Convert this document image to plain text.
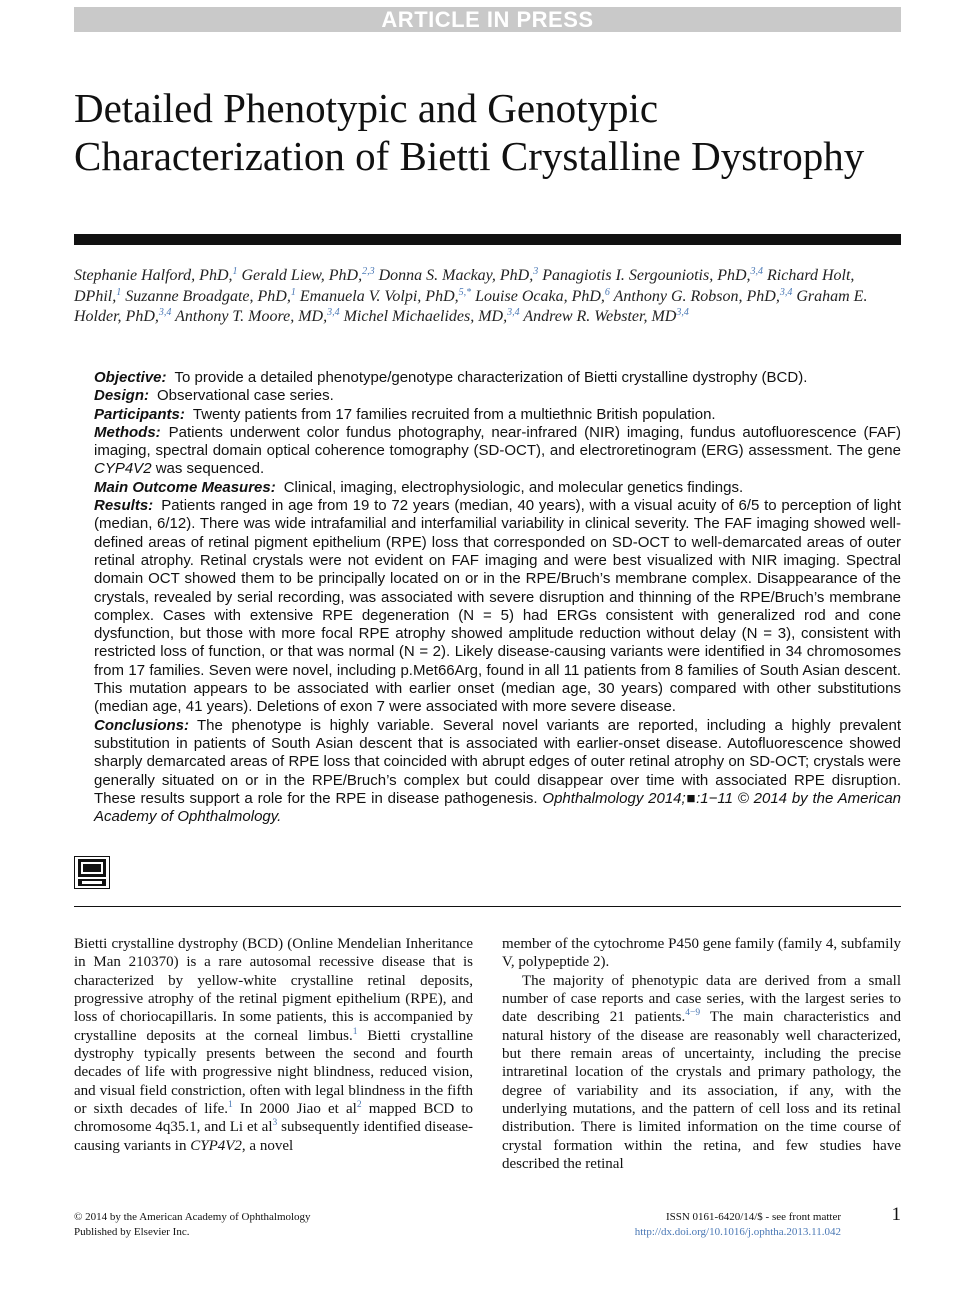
ARTICLE IN PRESS
Detailed Phenotypic and Genotypic Characterization of Bietti Crystalline Dystrophy
Stephanie Halford, PhD,$^1$ Gerald Liew, PhD,$^{2,3}$ Donna S. Mackay, PhD,$^3$ Panagiotis I. Sergouniotis, PhD,$^{3,4}$ Richard Holt, DPhil,$^1$ Suzanne Broadgate, PhD,$^1$ Emanuela V. Volpi, PhD,$^{5,*}$ Louise Ocaka, PhD,$^6$ Anthony G. Robson, PhD,$^{3,4}$ Graham E. Holder, PhD,$^{3,4}$ Anthony T. Moore, MD,$^{3,4}$ Michel Michaelides, MD,$^{3,4}$ Andrew R. Webster, MD$^{3,4}$

Objective: To provide a detailed phenotype/genotype characterization of Bietti crystalline dystrophy (BCD).

Design: Observational case series.

Participants: Twenty patients from 17 families recruited from a multiethnic British population.

Methods: Patients underwent color fundus photography, near-infrared (NIR) imaging, fundus autofluorescence (FAF) imaging, spectral domain optical coherence tomography (SD-OCT), and electroretinogram (ERG) assessment. The gene CYP4V2 was sequenced.

Main Outcome Measures: Clinical, imaging, electrophysiologic, and molecular genetics findings.

Results: Patients ranged in age from 19 to 72 years (median, 40 years), with a visual acuity of 6/5 to perception of light (median, 6/12). There was wide intrafamilial and interfamilial variability in clinical severity. The FAF imaging showed well-defined areas of retinal pigment epithelium (RPE) loss that corresponded on SD-OCT to well-demarcated areas of outer retinal atrophy. Retinal crystals were not evident on FAF imaging and were best visualized with NIR imaging. Spectral domain OCT showed them to be principally located on or in the RPE/Bruch’s membrane complex. Disappearance of the crystals, revealed by serial recording, was associated with severe disruption and thinning of the RPE/Bruch’s membrane complex. Cases with extensive RPE degeneration (N = 5) had ERGs consistent with generalized rod and cone dysfunction, but those with more focal RPE atrophy showed amplitude reduction without delay (N = 3), consistent with restricted loss of function, or that was normal (N = 2). Likely disease-causing variants were identified in 34 chromosomes from 17 families. Seven were novel, including p.Met66Arg, found in all 11 patients from 8 families of South Asian descent. This mutation appears to be associated with earlier onset (median age, 30 years) compared with other substitutions (median age, 41 years). Deletions of exon 7 were associated with more severe disease.

Conclusions: The phenotype is highly variable. Several novel variants are reported, including a highly prevalent substitution in patients of South Asian descent that is associated with earlier-onset disease. Autofluorescence showed sharply demarcated areas of RPE loss that coincided with abrupt edges of outer retinal atrophy on SD-OCT; crystals were generally situated on or in the RPE/Bruch’s complex but could disappear over time with associated RPE disruption. These results support a role for the RPE in disease pathogenesis. Ophthalmology 2014;■:1−11 © 2014 by the American Academy of Ophthalmology.

Bietti crystalline dystrophy (BCD) (Online Mendelian Inheritance in Man 210370) is a rare autosomal recessive disease that is characterized by yellow-white crystalline retinal deposits, progressive atrophy of the retinal pigment epithelium (RPE), and loss of choriocapillaris. In some patients, this is accompanied by crystalline deposits at the corneal limbus.$^1$ Bietti crystalline dystrophy typically presents between the second and fourth decades of life with progressive night blindness, reduced vision, and visual field constriction, often with legal blindness in the fifth or sixth decades of life.$^1$ In 2000 Jiao et $al^2$ mapped BCD to chromosome 4q35.1, and Li et $al^3$ subsequently identified disease-causing variants in CYP4V2, a novel

member of the cytochrome P450 gene family (family 4, subfamily V, polypeptide 2).

The majority of phenotypic data are derived from a small number of case reports and case series, with the largest series to date describing 21 patients.$^{4-9}$ The main characteristics and natural history of the disease are reasonably well characterized, but there remain areas of uncertainty, including the precise intraretinal location of the crystals and primary pathology, the degree of variability and its association, if any, with the underlying mutations, and the pattern of cell loss and its retinal distribution. There is limited information on the time course of crystal formation within the retina, and few studies have described the retinal

© 2014 by the American Academy of Ophthalmology
Published by Elsevier Inc.
ISSN 0161-6420/14/$ - see front matter
http://dx.doi.org/10.1016/j.ophtha.2013.11.042
1
